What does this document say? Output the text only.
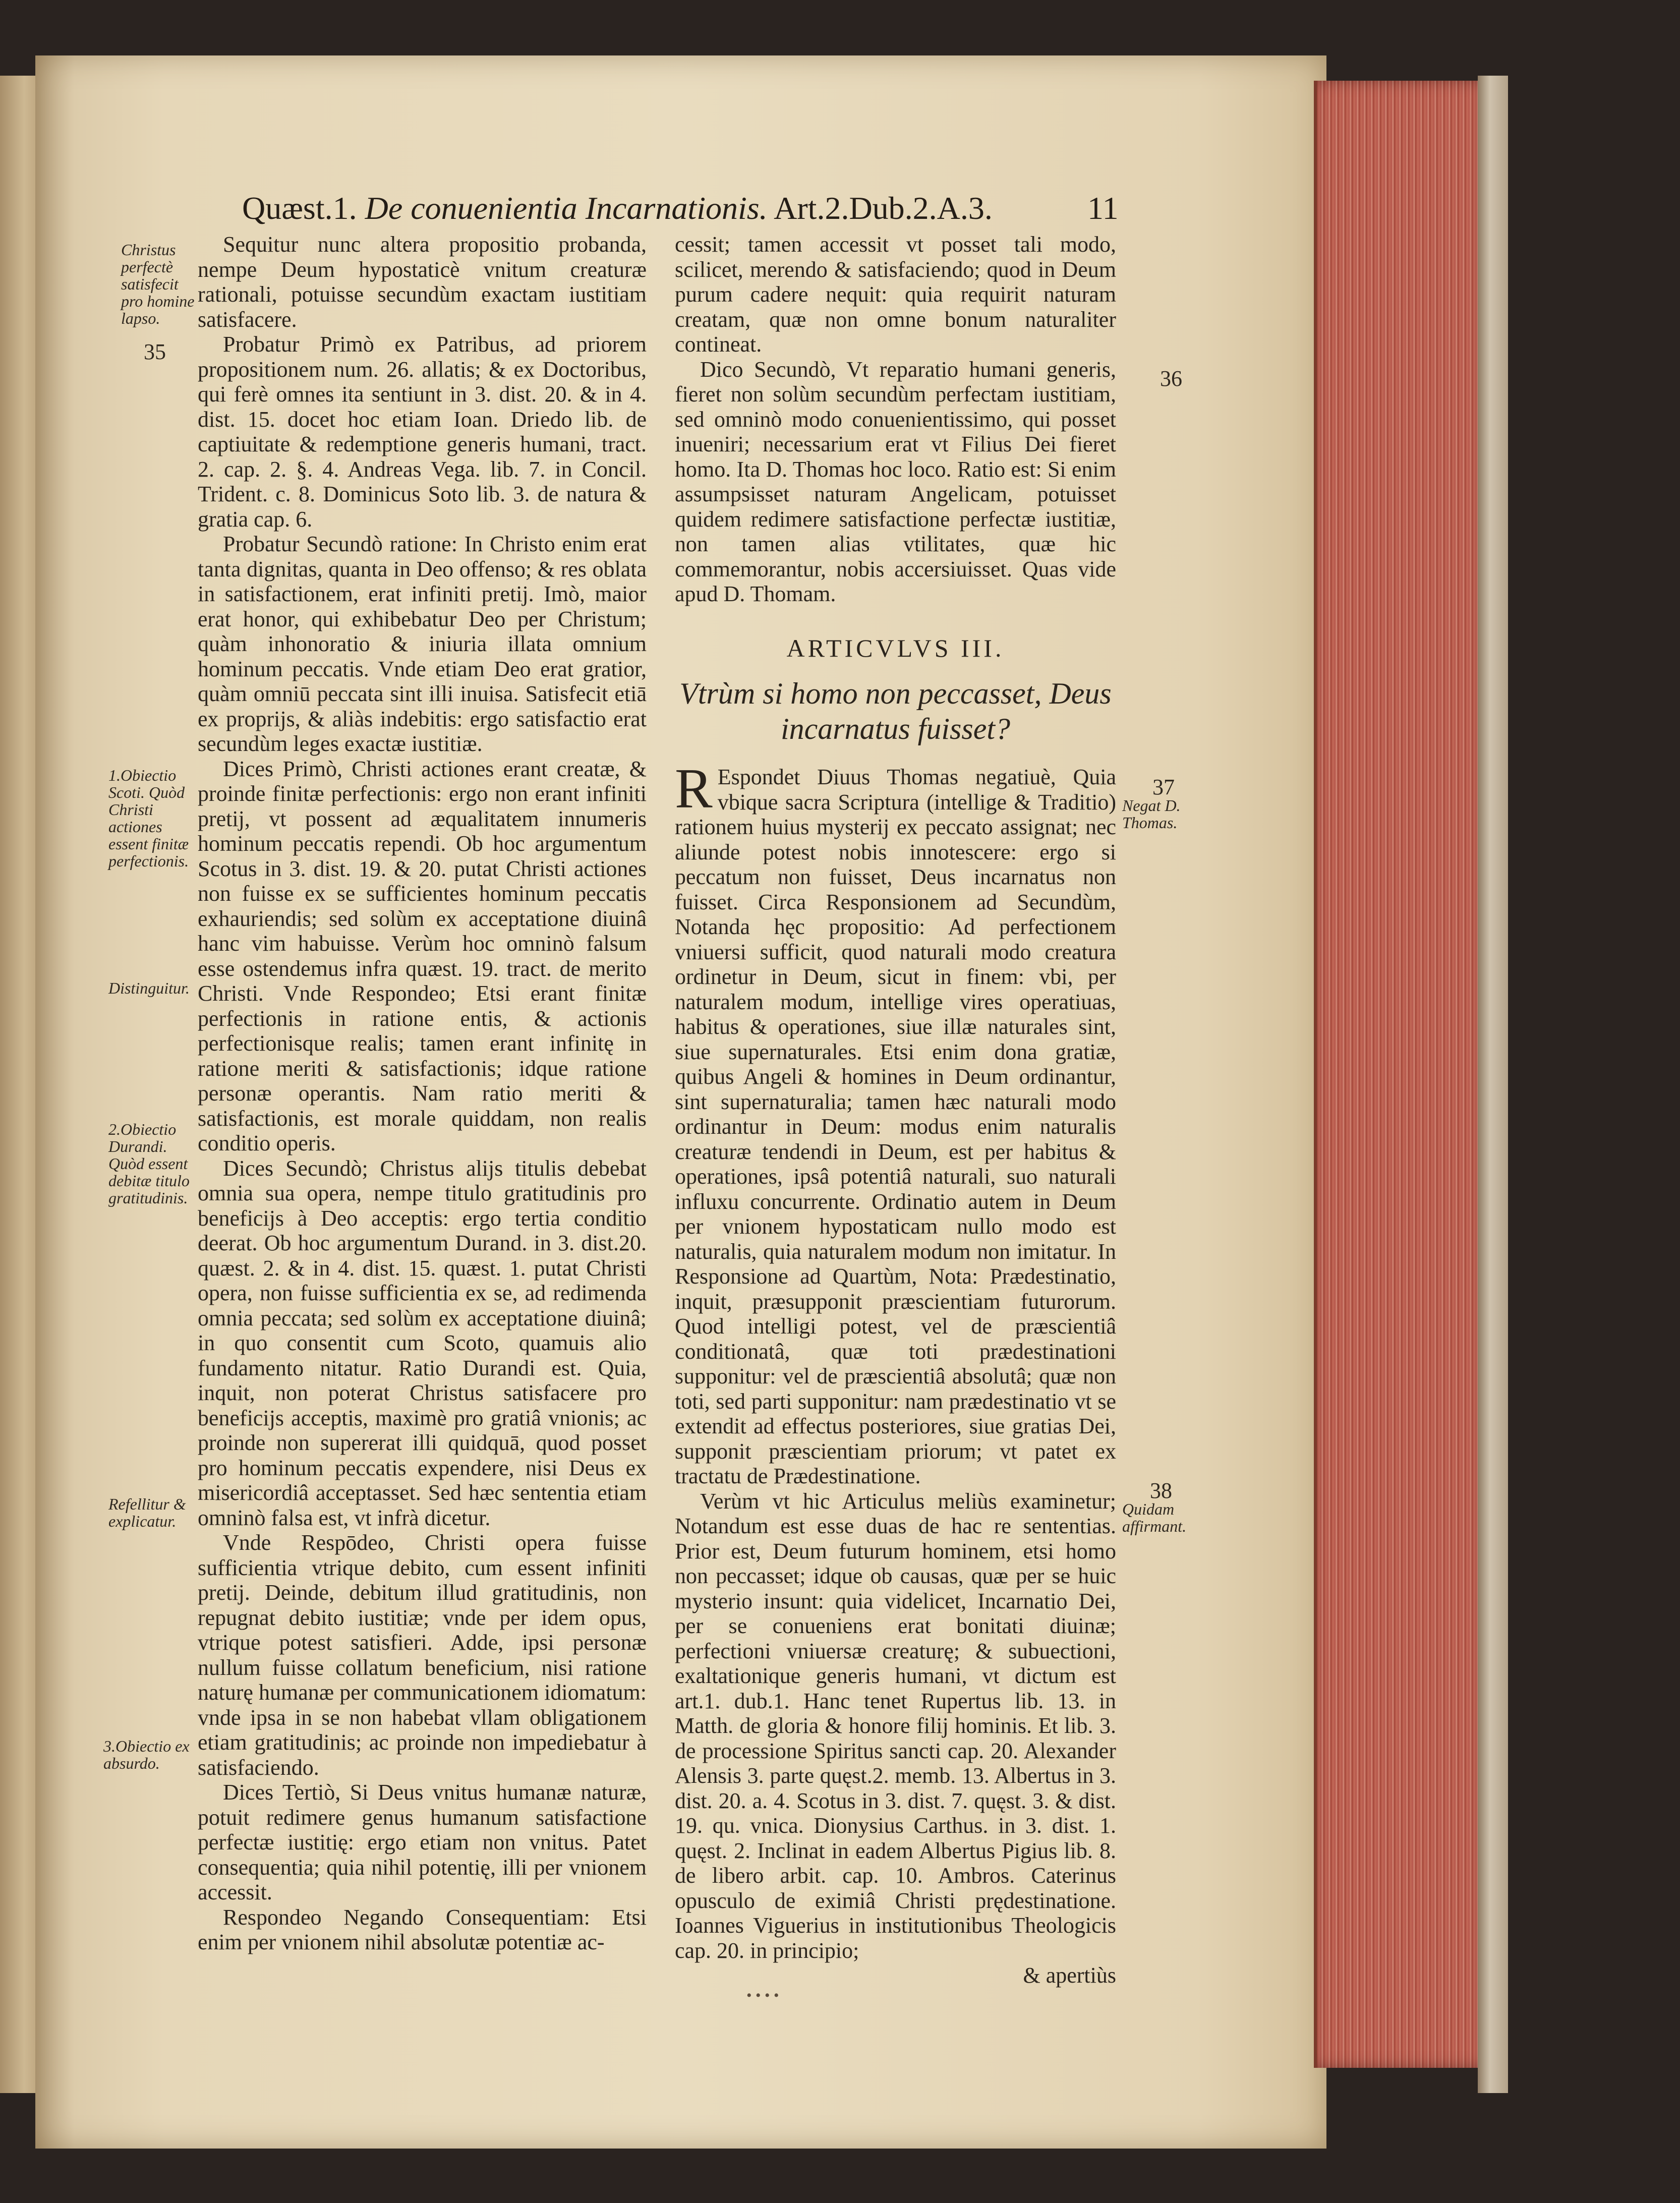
Quæst.1. De conuenientia Incarnationis. Art.2.Dub.2.A.3.	11
Christus perfectè satisfecit pro homine lapso.
35
1.Obiectio Scoti. Quòd Christi actiones essent finitæ perfectionis.
Distinguitur.
2.Obiectio Durandi. Quòd essent debitæ titulo gratitudinis.
Refellitur & explicatur.
3.Obiectio ex absurdo.
36
37
Negat D. Thomas.
38
Quidam affirmant.

Sequitur nunc altera propositio probanda, nempe Deum hypostaticè vnitum creaturæ rationali, potuisse secundùm exactam iustitiam satisfacere.

Probatur Primò ex Patribus, ad priorem propositionem num. 26. allatis; & ex Doctoribus, qui ferè omnes ita sentiunt in 3. dist. 20. & in 4. dist. 15. docet hoc etiam Ioan. Driedo lib. de captiuitate & redemptione generis humani, tract. 2. cap. 2. §. 4. Andreas Vega. lib. 7. in Concil. Trident. c. 8. Dominicus Soto lib. 3. de natura & gratia cap. 6.

Probatur Secundò ratione: In Christo enim erat tanta dignitas, quanta in Deo offenso; & res oblata in satisfactionem, erat infiniti pretij. Imò, maior erat honor, qui exhibebatur Deo per Christum; quàm inhonoratio & iniuria illata omnium hominum peccatis. Vnde etiam Deo erat gratior, quàm omniū peccata sint illi inuisa. Satisfecit etiā ex proprijs, & aliàs indebitis: ergo satisfactio erat secundùm leges exactæ iustitiæ.

Dices Primò, Christi actiones erant creatæ, & proinde finitæ perfectionis: ergo non erant infiniti pretij, vt possent ad æqualitatem innumeris hominum peccatis rependi. Ob hoc argumentum Scotus in 3. dist. 19. & 20. putat Christi actiones non fuisse ex se sufficientes hominum peccatis exhauriendis; sed solùm ex acceptatione diuinâ hanc vim habuisse. Verùm hoc omninò falsum esse ostendemus infra quæst. 19. tract. de merito Christi. Vnde Respondeo; Etsi erant finitæ perfectionis in ratione entis, & actionis perfectionisque realis; tamen erant infinitę in ratione meriti & satisfactionis; idque ratione personæ operantis. Nam ratio meriti & satisfactionis, est morale quiddam, non realis conditio operis.

Dices Secundò; Christus alijs titulis debebat omnia sua opera, nempe titulo gratitudinis pro beneficijs à Deo acceptis: ergo tertia conditio deerat. Ob hoc argumentum Durand. in 3. dist.20. quæst. 2. & in 4. dist. 15. quæst. 1. putat Christi opera, non fuisse sufficientia ex se, ad redimenda omnia peccata; sed solùm ex acceptatione diuinâ; in quo consentit cum Scoto, quamuis alio fundamento nitatur. Ratio Durandi est. Quia, inquit, non poterat Christus satisfacere pro beneficijs acceptis, maximè pro gratiâ vnionis; ac proinde non supererat illi quidquā, quod posset pro hominum peccatis expendere, nisi Deus ex misericordiâ acceptasset. Sed hæc sententia etiam omninò falsa est, vt infrà dicetur.

Vnde Respōdeo, Christi opera fuisse sufficientia vtrique debito, cum essent infiniti pretij. Deinde, debitum illud gratitudinis, non repugnat debito iustitiæ; vnde per idem opus, vtrique potest satisfieri. Adde, ipsi personæ nullum fuisse collatum beneficium, nisi ratione naturę humanæ per communicationem idiomatum: vnde ipsa in se non habebat vllam obligationem etiam gratitudinis; ac proinde non impediebatur à satisfaciendo.

Dices Tertiò, Si Deus vnitus humanæ naturæ, potuit redimere genus humanum satisfactione perfectæ iustitię: ergo etiam non vnitus. Patet consequentia; quia nihil potentię, illi per vnionem accessit.

Respondeo Negando Consequentiam: Etsi enim per vnionem nihil absolutæ potentiæ ac-

cessit; tamen accessit vt posset tali modo, scilicet, merendo & satisfaciendo; quod in Deum purum cadere nequit: quia requirit naturam creatam, quæ non omne bonum naturaliter contineat.

Dico Secundò, Vt reparatio humani generis, fieret non solùm secundùm perfectam iustitiam, sed omninò modo conuenientissimo, qui posset inueniri; necessarium erat vt Filius Dei fieret homo. Ita D. Thomas hoc loco. Ratio est: Si enim assumpsisset naturam Angelicam, potuisset quidem redimere satisfactione perfectæ iustitiæ, non tamen alias vtilitates, quæ hic commemorantur, nobis accersiuisset. Quas vide apud D. Thomam.

ARTICVLVS III.
Vtrùm si homo non peccasset, Deus
incarnatus fuisset?

R Espondet Diuus Thomas negatiuè, Quia vbique sacra Scriptura (intellige & Traditio) rationem huius mysterij ex peccato assignat; nec aliunde potest nobis innotescere: ergo si peccatum non fuisset, Deus incarnatus non fuisset. Circa Responsionem ad Secundùm, Notanda hęc propositio: Ad perfectionem vniuersi sufficit, quod naturali modo creatura ordinetur in Deum, sicut in finem: vbi, per naturalem modum, intellige vires operatiuas, habitus & operationes, siue illæ naturales sint, siue supernaturales. Etsi enim dona gratiæ, quibus Angeli & homines in Deum ordinantur, sint supernaturalia; tamen hæc naturali modo ordinantur in Deum: modus enim naturalis creaturæ tendendi in Deum, est per habitus & operationes, ipsâ potentiâ naturali, suo naturali influxu concurrente. Ordinatio autem in Deum per vnionem hypostaticam nullo modo est naturalis, quia naturalem modum non imitatur. In Responsione ad Quartùm, Nota: Prædestinatio, inquit, præsupponit præscientiam futurorum. Quod intelligi potest, vel de præscientiâ conditionatâ, quæ toti prædestinationi supponitur: vel de præscientiâ absolutâ; quæ non toti, sed parti supponitur: nam prædestinatio vt se extendit ad effectus posteriores, siue gratias Dei, supponit præscientiam priorum; vt patet ex tractatu de Prædestinatione.

Verùm vt hic Articulus meliùs examinetur; Notandum est esse duas de hac re sententias. Prior est, Deum futurum hominem, etsi homo non peccasset; idque ob causas, quæ per se huic mysterio insunt: quia videlicet, Incarnatio Dei, per se conueniens erat bonitati diuinæ; perfectioni vniuersæ creaturę; & subuectioni, exaltationique generis humani, vt dictum est art.1. dub.1. Hanc tenet Rupertus lib. 13. in Matth. de gloria & honore filij hominis. Et lib. 3. de processione Spiritus sancti cap. 20. Alexander Alensis 3. parte quęst.2. memb. 13. Albertus in 3. dist. 20. a. 4. Scotus in 3. dist. 7. quęst. 3. & dist. 19. qu. vnica. Dionysius Carthus. in 3. dist. 1. quęst. 2. Inclinat in eadem Albertus Pigius lib. 8. de libero arbit. cap. 10. Ambros. Caterinus opusculo de eximiâ Christi prędestinatione. Ioannes Viguerius in institutionibus Theologicis cap. 20. in principio;

& apertiùs

• • • •
